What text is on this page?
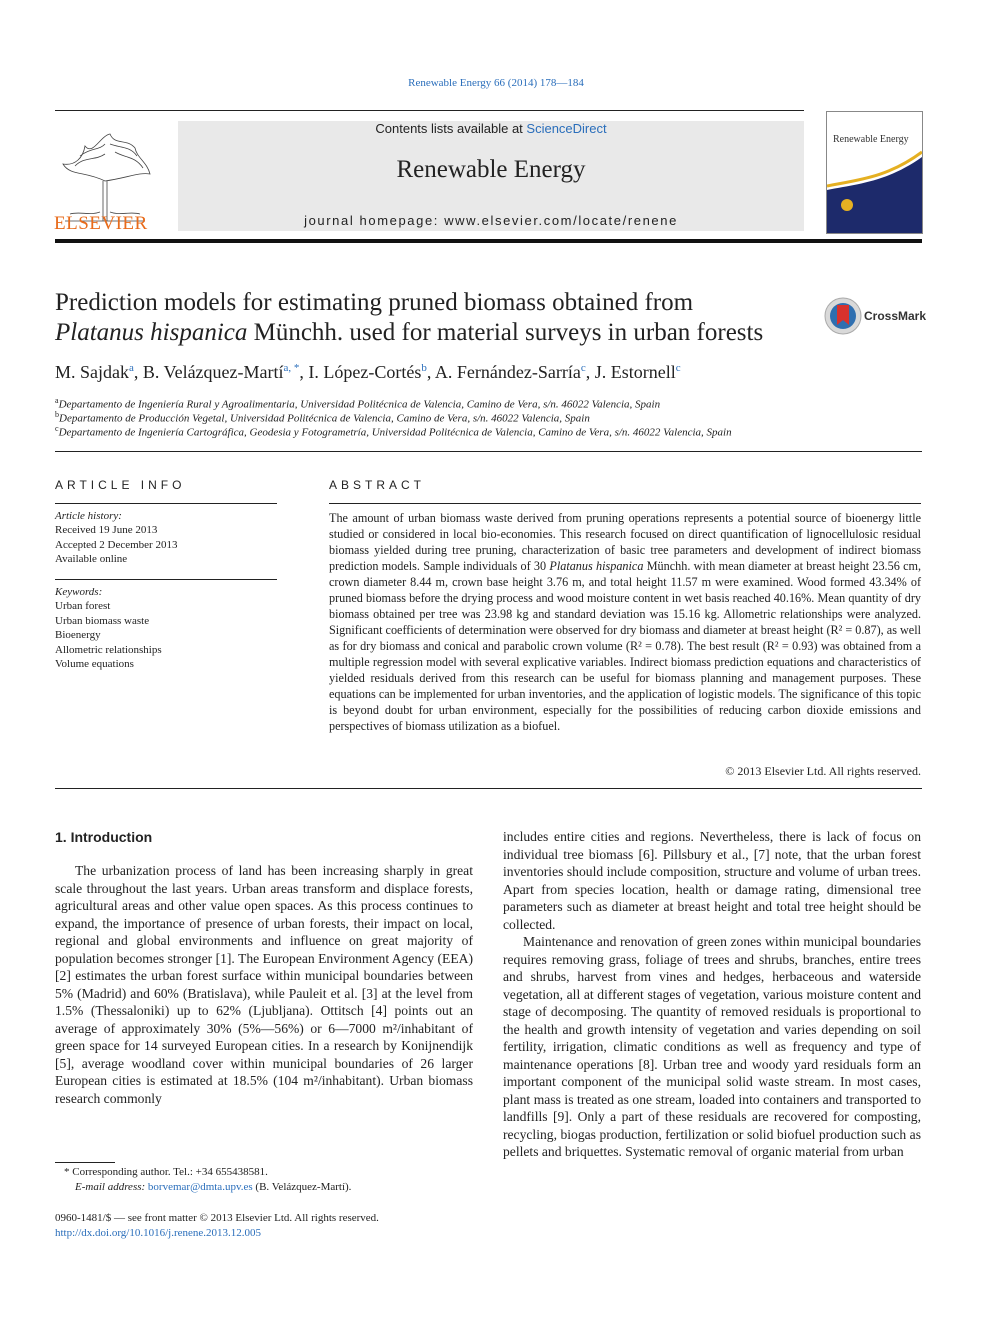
Renewable Energy 66 (2014) 178—184
ELSEVIER
Contents lists available at ScienceDirect
Renewable Energy
journal homepage: www.elsevier.com/locate/renene
Renewable Energy
Prediction models for estimating pruned biomass obtained from
Platanus hispanica Münchh. used for material surveys in urban forests
CrossMark
M. Sajdak$^a$, B. Velázquez-Martí$^{a, *}$, I. López-Cortés$^b$, A. Fernández-Sarría$^c$, J. Estornell$^c$
$^a$Departamento de Ingeniería Rural y Agroalimentaria, Universidad Politécnica de Valencia, Camino de Vera, s/n. 46022 Valencia, Spain
$^b$Departamento de Producción Vegetal, Universidad Politécnica de Valencia, Camino de Vera, s/n. 46022 Valencia, Spain
$^c$Departamento de Ingeniería Cartográfica, Geodesia y Fotogrametría, Universidad Politécnica de Valencia, Camino de Vera, s/n. 46022 Valencia, Spain
ARTICLE INFO
Article history:
Received 19 June 2013
Accepted 2 December 2013
Available online
Keywords:
Urban forest
Urban biomass waste
Bioenergy
Allometric relationships
Volume equations
ABSTRACT
The amount of urban biomass waste derived from pruning operations represents a potential source of bioenergy little studied or considered in local bio-economies. This research focused on direct quantification of lignocellulosic residual biomass yielded during tree pruning, characterization of basic tree parameters and development of indirect biomass prediction models. Sample individuals of 30 Platanus hispanica Münchh. with mean diameter at breast height 23.56 cm, crown diameter 8.44 m, crown base height 3.76 m, and total height 11.57 m were examined. Wood formed 43.34% of pruned biomass before the drying process and wood moisture content in wet basis reached 40.16%. Mean quantity of dry biomass obtained per tree was 23.98 kg and standard deviation was 15.16 kg. Allometric relationships were analyzed. Significant coefficients of determination were observed for dry biomass and diameter at breast height (R² = 0.87), as well as for dry biomass and conical and parabolic crown volume (R² = 0.78). The best result (R² = 0.93) was obtained from a multiple regression model with several explicative variables. Indirect biomass prediction equations and characteristics of yielded residuals derived from this research can be useful for biomass planning and management purposes. These equations can be implemented for urban inventories, and the application of logistic models. The significance of this topic is beyond doubt for urban environment, especially for the possibilities of reducing carbon dioxide emissions and perspectives of biomass utilization as a biofuel.
© 2013 Elsevier Ltd. All rights reserved.
1. Introduction

The urbanization process of land has been increasing sharply in great scale throughout the last years. Urban areas transform and displace forests, agricultural areas and other value open spaces. As this process continues to expand, the importance of presence of urban forests, their impact on local, regional and global environments and influence on great majority of population becomes stronger [1]. The European Environment Agency (EEA) [2] estimates the urban forest surface within municipal boundaries between 5% (Madrid) and 60% (Bratislava), while Pauleit et al. [3] at the level from 1.5% (Thessaloniki) up to 62% (Ljubljana). Ottitsch [4] points out an average of approximately 30% (5%—56%) or 6—7000 m²/inhabitant of green space for 14 surveyed European cities. In a research by Konijnendijk [5], average woodland cover within municipal boundaries of 26 larger European cities is estimated at 18.5% (104 m²/inhabitant). Urban biomass research commonly

includes entire cities and regions. Nevertheless, there is lack of focus on individual tree biomass [6]. Pillsbury et al., [7] note, that the urban forest inventories should include composition, structure and volume of urban trees. Apart from species location, health or damage rating, dimensional tree parameters such as diameter at breast height and total tree height should be collected.

Maintenance and renovation of green zones within municipal boundaries requires removing grass, foliage of trees and shrubs, branches, entire trees and shrubs, harvest from vines and hedges, herbaceous and waterside vegetation, all at different stages of vegetation, various moisture content and stage of decomposing. The quantity of removed residuals is proportional to the health and growth intensity of vegetation and varies depending on soil fertility, irrigation, climatic conditions as well as frequency and type of maintenance operations [8]. Urban tree and woody yard residuals form an important component of the municipal solid waste stream. In most cases, plant mass is treated as one stream, loaded into containers and transported to landfills [9]. Only a part of these residuals are recovered for composting, recycling, biogas production, fertilization or solid biofuel production such as pellets and briquettes. Systematic removal of organic material from urban

* Corresponding author. Tel.: +34 655438581.
E-mail address: borvemar@dmta.upv.es (B. Velázquez-Martí).
0960-1481/$ — see front matter © 2013 Elsevier Ltd. All rights reserved.
http://dx.doi.org/10.1016/j.renene.2013.12.005
